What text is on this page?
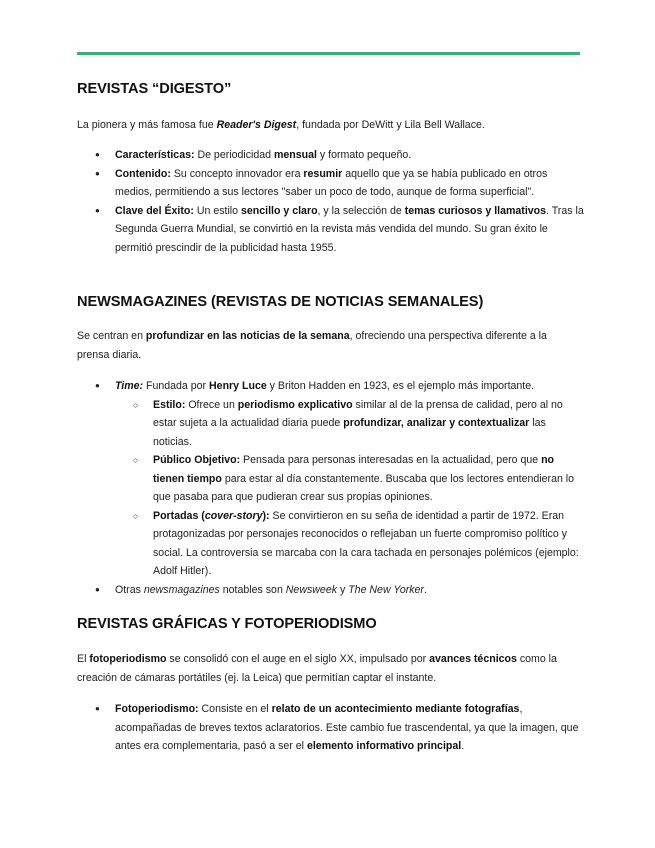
REVISTAS “DIGESTO”

La pionera y más famosa fue Reader's Digest, fundada por DeWitt y Lila Bell Wallace.

● Características: De periodicidad mensual y formato pequeño.
● Contenido: Su concepto innovador era resumir aquello que ya se había publicado en otros medios, permitiendo a sus lectores "saber un poco de todo, aunque de forma superficial".
● Clave del Éxito: Un estilo sencillo y claro, y la selección de temas curiosos y llamativos. Tras la Segunda Guerra Mundial, se convirtió en la revista más vendida del mundo. Su gran éxito le permitió prescindir de la publicidad hasta 1955.
NEWSMAGAZINES (REVISTAS DE NOTICIAS SEMANALES)

Se centran en profundizar en las noticias de la semana, ofreciendo una perspectiva diferente a la prensa diaria.

● Time: Fundada por Henry Luce y Briton Hadden en 1923, es el ejemplo más importante.
○ Estilo: Ofrece un periodismo explicativo similar al de la prensa de calidad, pero al no estar sujeta a la actualidad diaria puede profundizar, analizar y contextualizar las noticias.
○ Público Objetivo: Pensada para personas interesadas en la actualidad, pero que no tienen tiempo para estar al día constantemente. Buscaba que los lectores entendieran lo que pasaba para que pudieran crear sus propias opiniones.
○ Portadas (cover-story): Se convirtieron en su seña de identidad a partir de 1972. Eran protagonizadas por personajes reconocidos o reflejaban un fuerte compromiso político y social. La controversia se marcaba con la cara tachada en personajes polémicos (ejemplo: Adolf Hitler).
● Otras newsmagazines notables son Newsweek y The New Yorker.
REVISTAS GRÁFICAS Y FOTOPERIODISMO

El fotoperiodismo se consolidó con el auge en el siglo XX, impulsado por avances técnicos como la creación de cámaras portátiles (ej. la Leica) que permitían captar el instante.

● Fotoperiodismo: Consiste en el relato de un acontecimiento mediante fotografías, acompañadas de breves textos aclaratorios. Este cambio fue trascendental, ya que la imagen, que antes era complementaria, pasó a ser el elemento informativo principal.
